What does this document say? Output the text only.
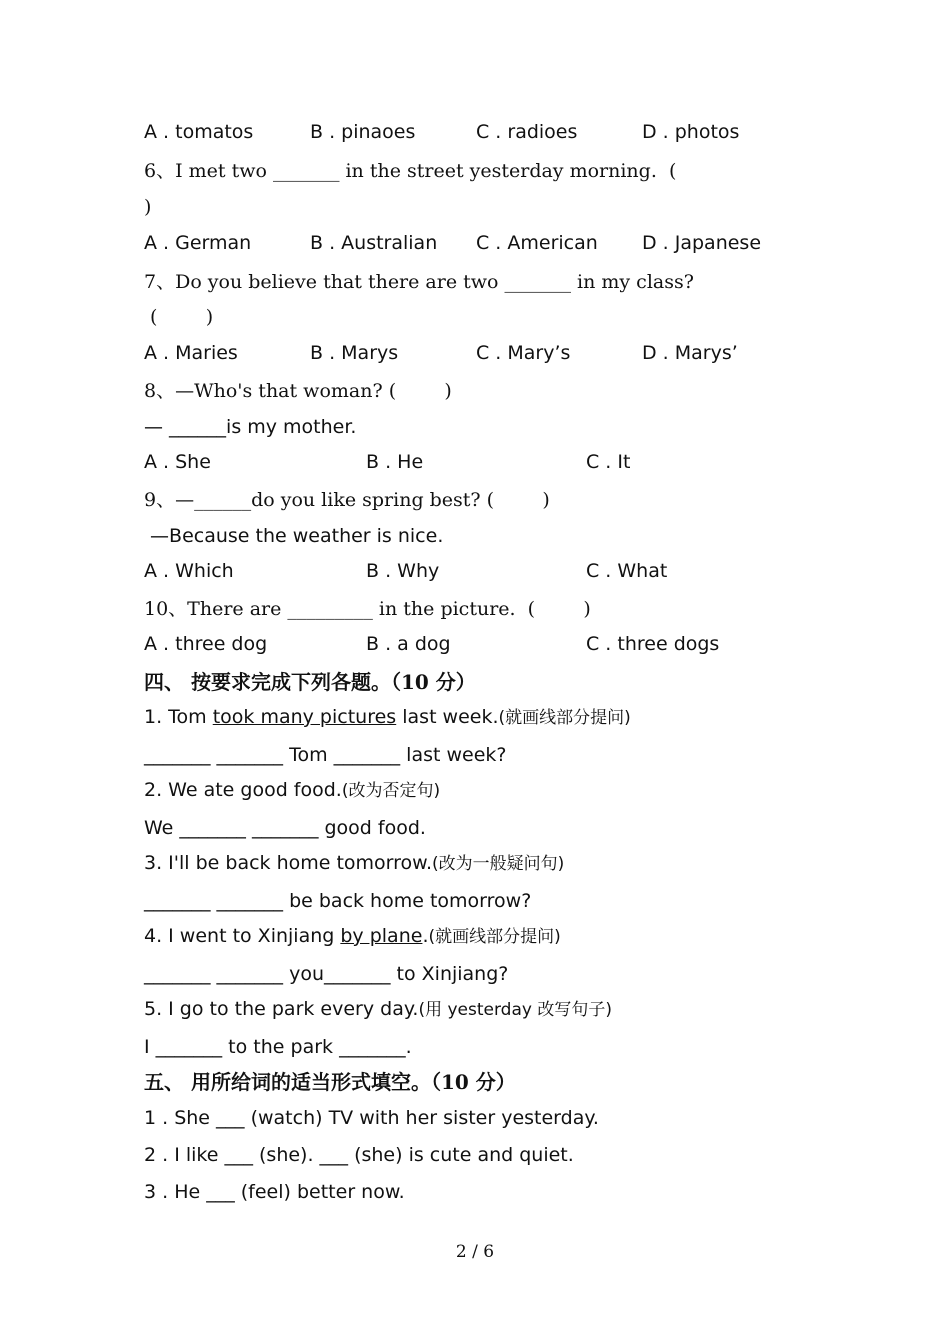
A . tomatos	B . pinaoes	C . radioes	D . photos
6、I met two _______ in the street yesterday morning.  (
)
A . German	B . Australian C . American D . Japanese
7、Do you believe that there are two _______ in my class?
(        )
A . Maries	B . Marys	C . Mary’s	D . Marys’
8、—Who's that woman? (        )
— ______is my mother.
A . She	B . He	C . It
9、—______do you like spring best? (        )
—Because the weather is nice.
A . Which	B . Why	C . What
10、There are _________ in the picture.  (        )
A . three dog	B . a dog	C . three dogs
四、 按要求完成下列各题。（10 分）
1. Tom took many pictures last week.(就画线部分提问)
_______ _______ Tom _______ last week?
2. We ate good food.(改为否定句)
We _______ _______ good food.
3. I'll be back home tomorrow.(改为一般疑问句)
_______ _______ be back home tomorrow?
4. I went to Xinjiang by plane.(就画线部分提问)
_______ _______ you_______ to Xinjiang?
5. I go to the park every day.(用 yesterday 改写句子)
I _______ to the park _______.
五、 用所给词的适当形式填空。（10 分）
1 . She ___ (watch) TV with her sister yesterday.
2 . I like ___ (she). ___ (she) is cute and quiet.
3 . He ___ (feel) better now.
2 / 6
